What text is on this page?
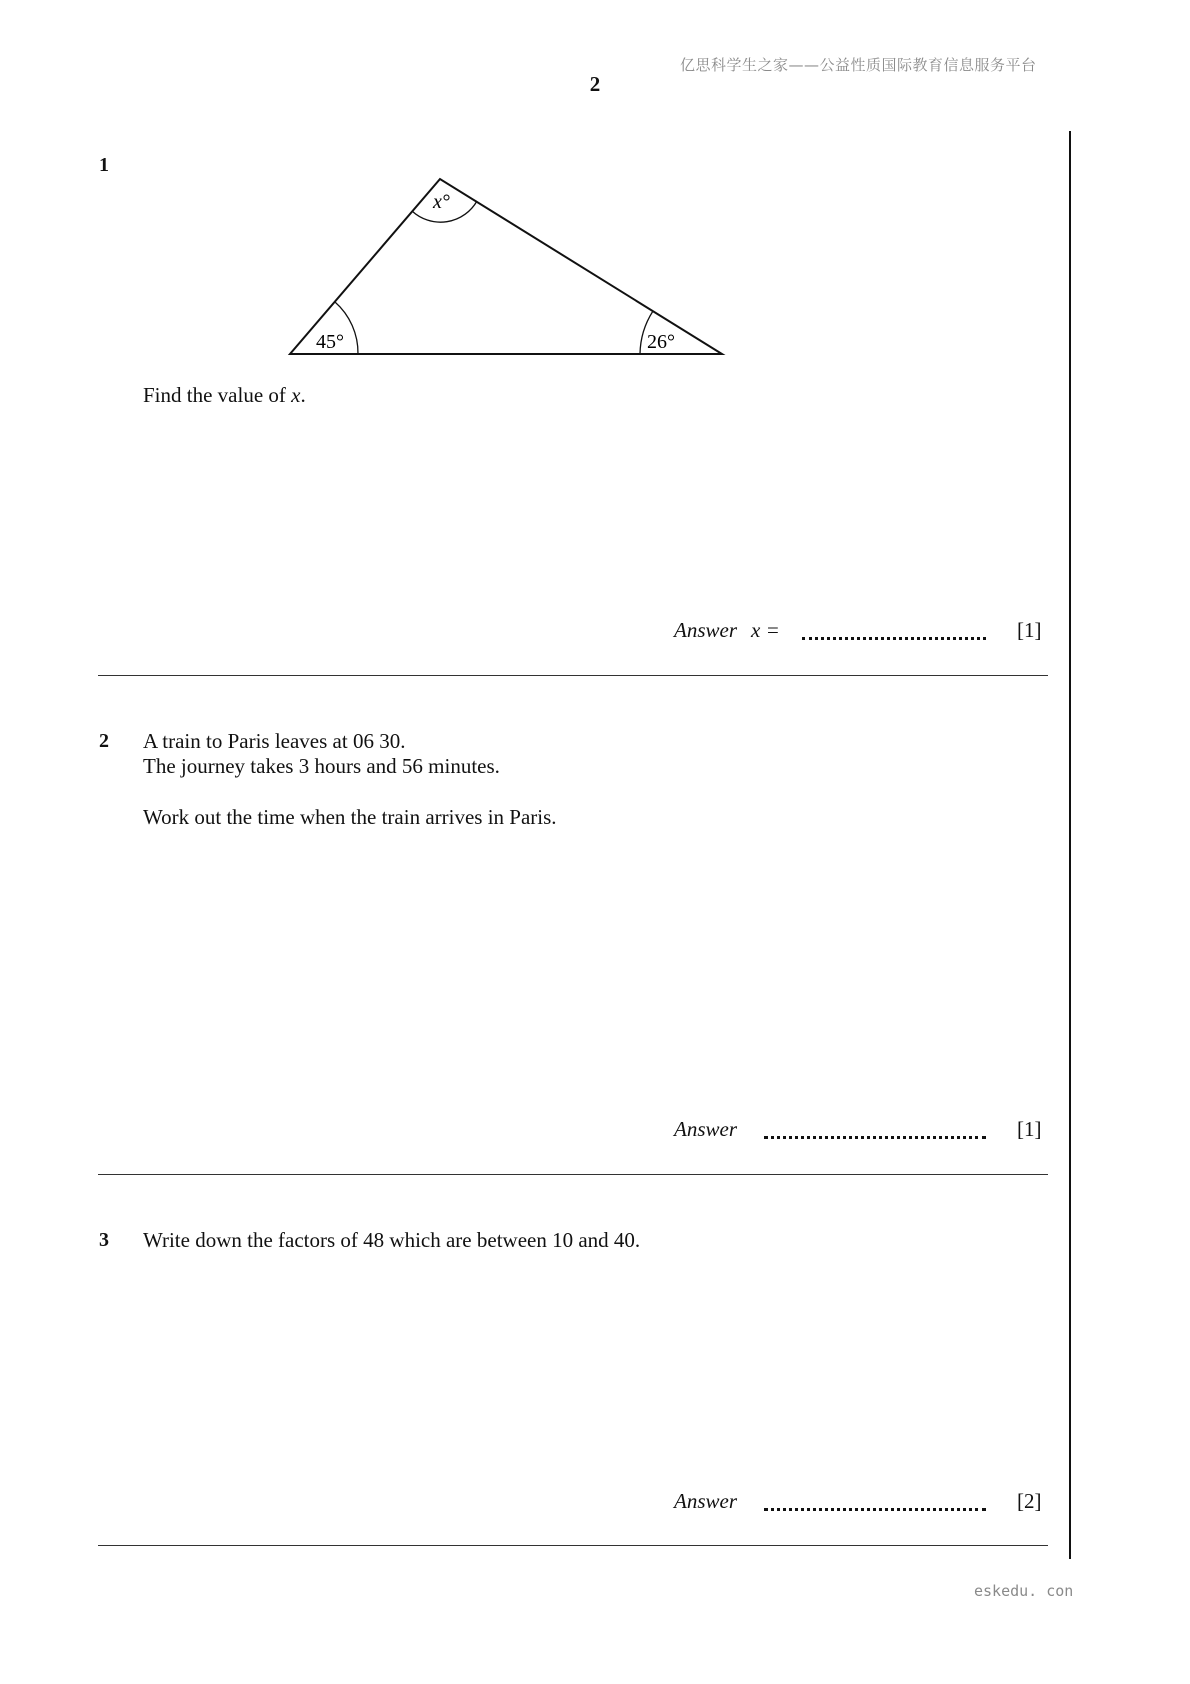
亿思科学生之家——公益性质国际教育信息服务平台
2
1
x°
45°	26°
Find the value of x.
Answer x =	[1]
2 A train to Paris leaves at 06 30.
The journey takes 3 hours and 56 minutes.
Work out the time when the train arrives in Paris.
Answer	[1]
3 Write down the factors of 48 which are between 10 and 40.
Answer	[2]
eskedu. con
